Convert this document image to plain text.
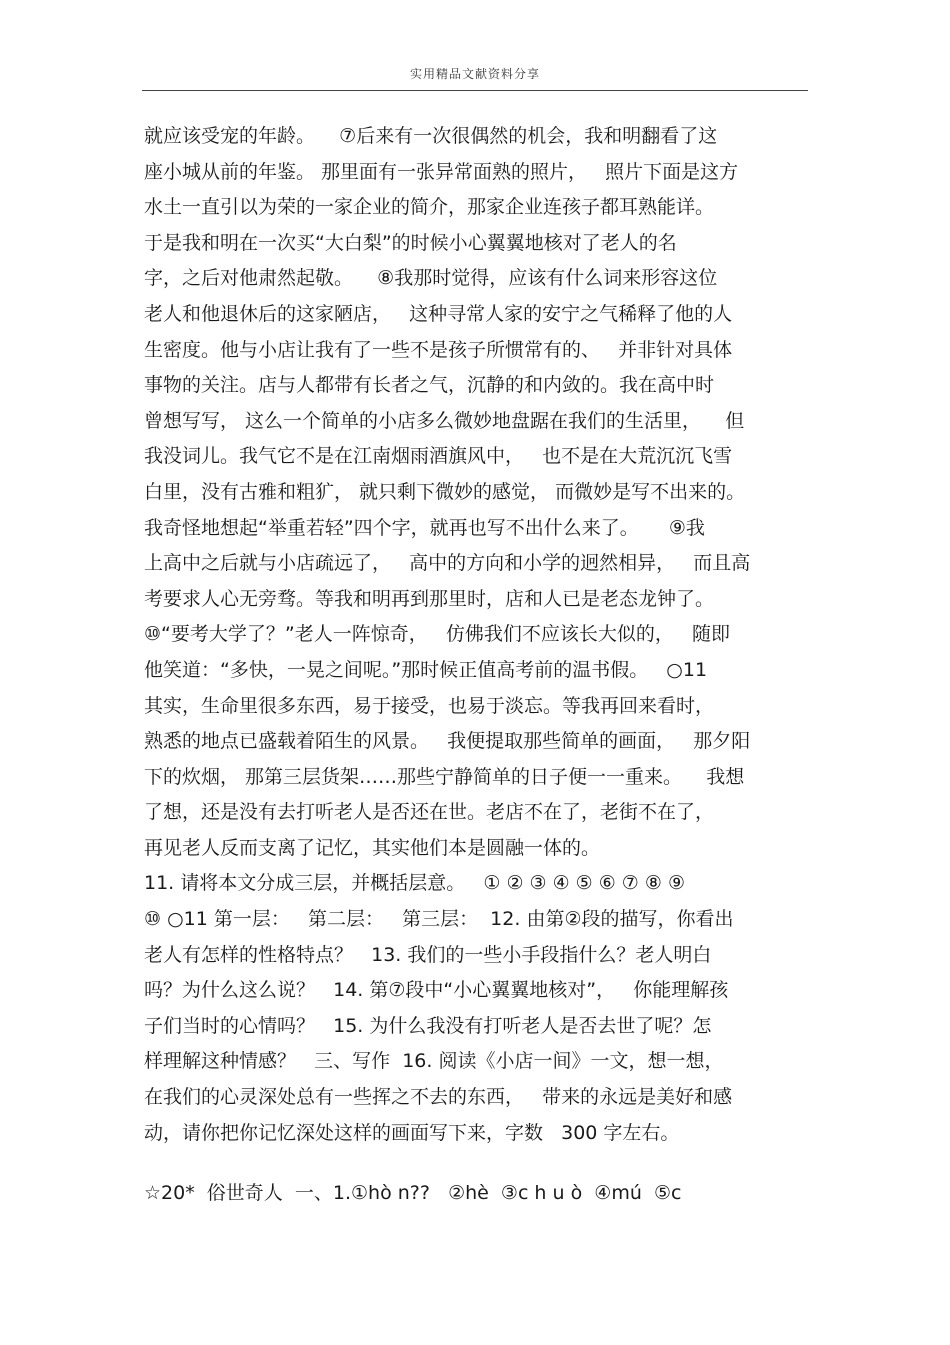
实用精品文献资料分享
就应该受宠的年龄。    ⑦后来有一次很偶然的机会，我和明翻看了这
座小城从前的年鉴。 那里面有一张异常面熟的照片，   照片下面是这方
水土一直引以为荣的一家企业的简介，那家企业连孩子都耳熟能详。
于是我和明在一次买“大白梨”的时候小心翼翼地核对了老人的名
字，之后对他肃然起敬。    ⑧我那时觉得，应该有什么词来形容这位
老人和他退休后的这家陋店，   这种寻常人家的安宁之气稀释了他的人
生密度。他与小店让我有了一些不是孩子所惯常有的、   并非针对具体
事物的关注。店与人都带有长者之气，沉静的和内敛的。我在高中时
曾想写写， 这么一个简单的小店多么微妙地盘踞在我们的生活里，    但
我没词儿。我气它不是在江南烟雨酒旗风中，   也不是在大荒沉沉飞雪
白里，没有古雅和粗犷， 就只剩下微妙的感觉， 而微妙是写不出来的。
我奇怪地想起“举重若轻”四个字，就再也写不出什么来了。     ⑨我
上高中之后就与小店疏远了，   高中的方向和小学的迥然相异，   而且高
考要求人心无旁骛。等我和明再到那里时，店和人已是老态龙钟了。
⑩“要考大学了？”老人一阵惊奇，   仿佛我们不应该长大似的，   随即
他笑道：“多快，一晃之间呢。”那时候正值高考前的温书假。   ○11
其实，生命里很多东西，易于接受，也易于淡忘。等我再回来看时，
熟悉的地点已盛载着陌生的风景。   我便提取那些简单的画面，   那夕阳
下的炊烟， 那第三层货架……那些宁静简单的日子便一一重来。    我想
了想，还是没有去打听老人是否还在世。老店不在了，老街不在了，
再见老人反而支离了记忆，其实他们本是圆融一体的。
11. 请将本文分成三层，并概括层意。   ① ② ③ ④ ⑤ ⑥ ⑦ ⑧ ⑨
⑩ ○11 第一层：   第二层：   第三层：  12. 由第②段的描写，你看出
老人有怎样的性格特点？   13. 我们的一些小手段指什么？老人明白
吗？为什么这么说？   14. 第⑦段中“小心翼翼地核对”，   你能理解孩
子们当时的心情吗？   15. 为什么我没有打听老人是否去世了呢？怎
样理解这种情感？   三、写作  16. 阅读《小店一间》一文，想一想，
在我们的心灵深处总有一些挥之不去的东西，   带来的永远是美好和感
动，请你把你记忆深处这样的画面写下来，字数   300 字左右。
☆20*  俗世奇人  一、1.①hò n??   ②hè  ③c h u ò  ④mú  ⑤c
